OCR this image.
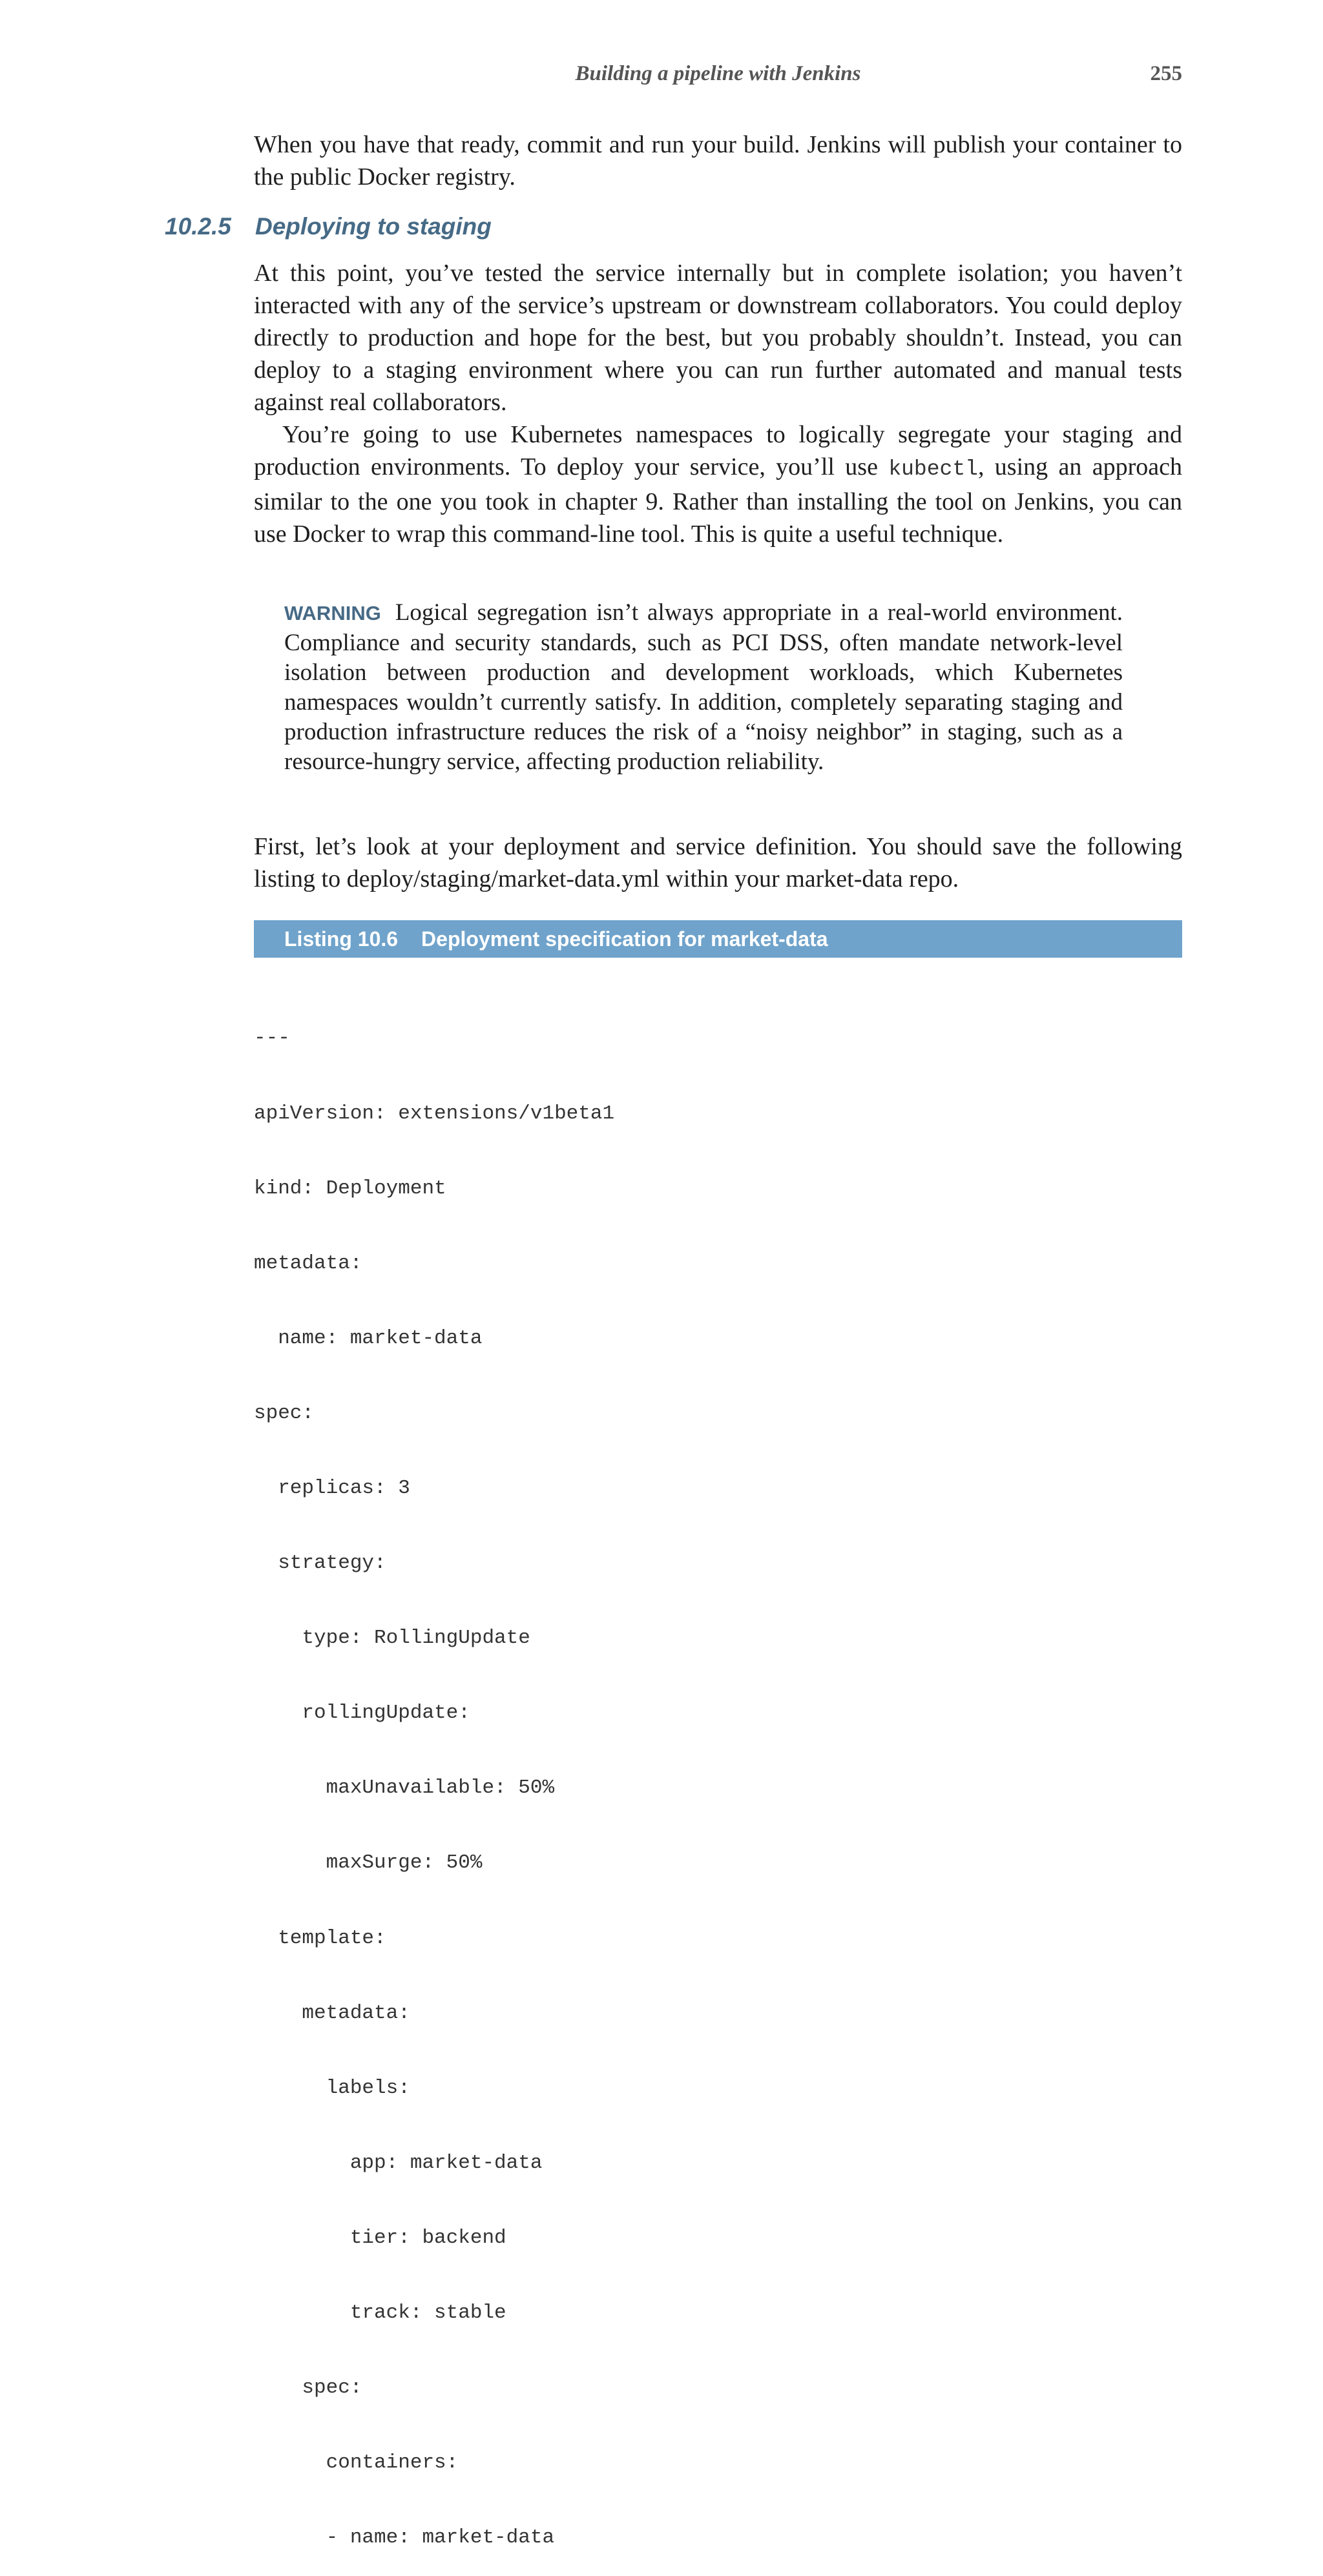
Building a pipeline with Jenkins	255

When you have that ready, commit and run your build. Jenkins will publish your container to the public Docker registry.

10.2.5 Deploying to staging

At this point, you’ve tested the service internally but in complete isolation; you haven’t interacted with any of the service’s upstream or downstream collaborators. You could deploy directly to production and hope for the best, but you probably shouldn’t. Instead, you can deploy to a staging environment where you can run further automated and manual tests against real collaborators.

You’re going to use Kubernetes namespaces to logically segregate your staging and production environments. To deploy your service, you’ll use kubectl, using an approach similar to the one you took in chapter 9. Rather than installing the tool on Jenkins, you can use Docker to wrap this command-line tool. This is quite a useful technique.

WARNING Logical segregation isn’t always appropriate in a real-world environment. Compliance and security standards, such as PCI DSS, often mandate network-level isolation between production and development workloads, which Kubernetes namespaces wouldn’t currently satisfy. In addition, completely separating staging and production infrastructure reduces the risk of a “noisy neighbor” in staging, such as a resource-hungry service, affecting production reliability.

First, let’s look at your deployment and service definition. You should save the following listing to deploy/staging/market-data.yml within your market-data repo.

Listing 10.6 Deployment specification for market-data

---

apiVersion: extensions/v1beta1

kind: Deployment

metadata:

name: market-data

spec:

replicas: 3

strategy:

type: RollingUpdate

rollingUpdate:

maxUnavailable: 50%

maxSurge: 50%

template:

metadata:

labels:

app: market-data

tier: backend

track: stable

spec:

containers:

- name: market-data
